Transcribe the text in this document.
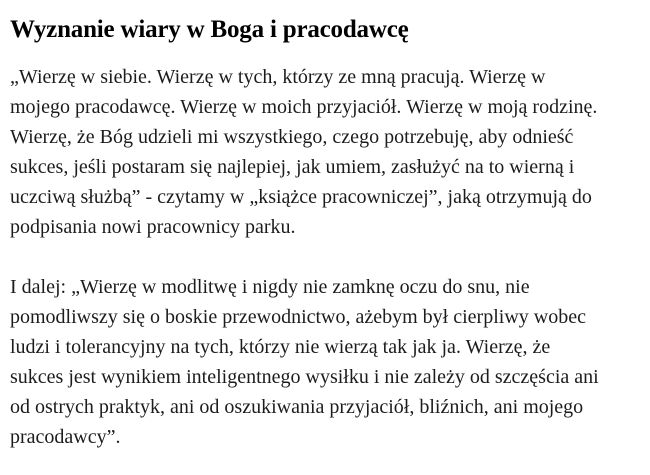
Wyznanie wiary w Boga i pracodawcę
„Wierzę w siebie. Wierzę w tych, którzy ze mną pracują. Wierzę w
mojego pracodawcę. Wierzę w moich przyjaciół. Wierzę w moją rodzinę.
Wierzę, że Bóg udzieli mi wszystkiego, czego potrzebuję, aby odnieść
sukces, jeśli postaram się najlepiej, jak umiem, zasłużyć na to wierną i
uczciwą służbą” - czytamy w „książce pracowniczej”, jaką otrzymują do
podpisania nowi pracownicy parku.
I dalej: „Wierzę w modlitwę i nigdy nie zamknę oczu do snu, nie
pomodliwszy się o boskie przewodnictwo, ażebym był cierpliwy wobec
ludzi i tolerancyjny na tych, którzy nie wierzą tak jak ja. Wierzę, że
sukces jest wynikiem inteligentnego wysiłku i nie zależy od szczęścia ani
od ostrych praktyk, ani od oszukiwania przyjaciół, bliźnich, ani mojego
pracodawcy”.
